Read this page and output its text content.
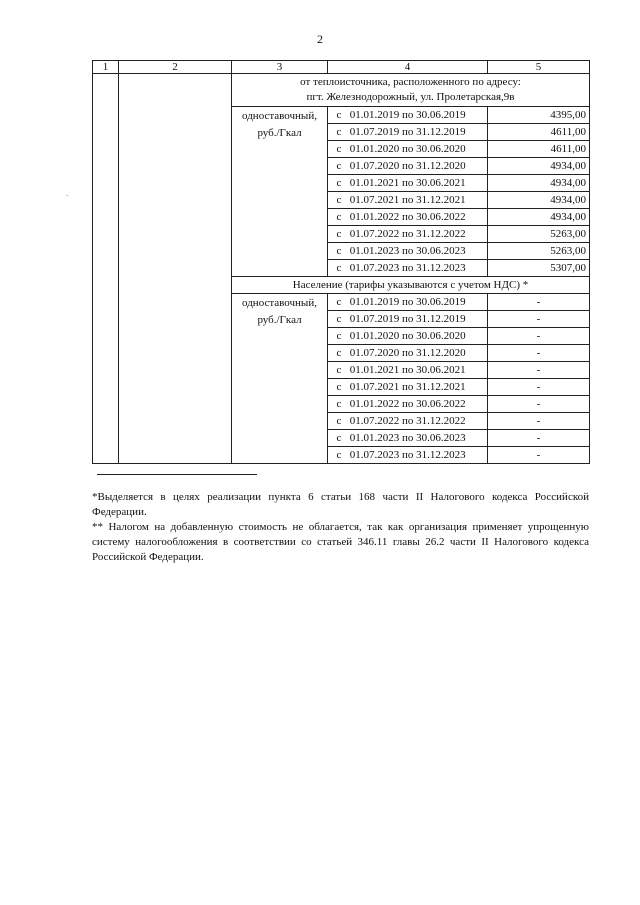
2
1	2	3	4	5
		от теплоисточника, расположенного по адресу:
пгт. Железнодорожный, ул. Пролетарская,9в		
		одноставочный,
руб./Гкал	с 01.01.2019 по 30.06.2019	4395,00
			с 01.07.2019 по 31.12.2019	4611,00
			с 01.01.2020 по 30.06.2020	4611,00
			с 01.07.2020 по 31.12.2020	4934,00
			с 01.01.2021 по 30.06.2021	4934,00
			с 01.07.2021 по 31.12.2021	4934,00
			с 01.01.2022 по 30.06.2022	4934,00
			с 01.07.2022 по 31.12.2022	5263,00
			с 01.01.2023 по 30.06.2023	5263,00
			с 01.07.2023 по 31.12.2023	5307,00
		Население (тарифы указываются с учетом НДС) *		
		одноставочный,
руб./Гкал	с 01.01.2019 по 30.06.2019	-
			с 01.07.2019 по 31.12.2019	-
			с 01.01.2020 по 30.06.2020	-
			с 01.07.2020 по 31.12.2020	-
			с 01.01.2021 по 30.06.2021	-
			с 01.07.2021 по 31.12.2021	-
			с 01.01.2022 по 30.06.2022	-
			с 01.07.2022 по 31.12.2022	-
			с 01.01.2023 по 30.06.2023	-
			с 01.07.2023 по 31.12.2023	-

*Выделяется в целях реализации пункта 6 статьи 168 части II Налогового кодекса Российской Федерации.

** Налогом на добавленную стоимость не облагается, так как организация применяет упрощенную систему налогообложения в соответствии со статьей 346.11 главы 26.2 части II Налогового кодекса Российской Федерации.

.
